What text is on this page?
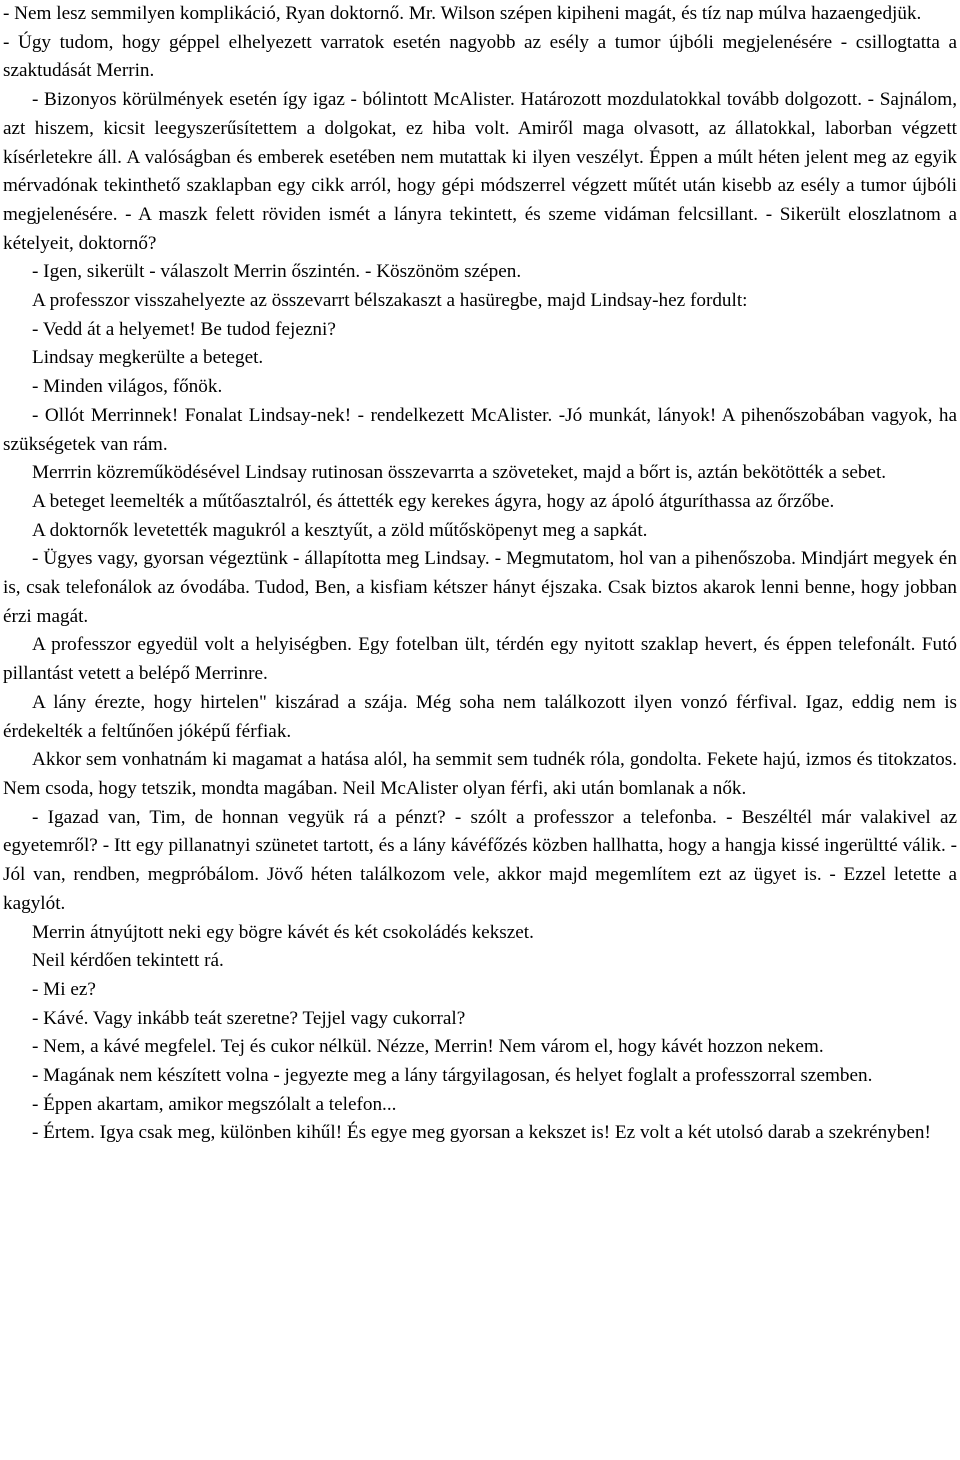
- Nem lesz semmilyen komplikáció, Ryan doktornő. Mr. Wilson szépen kipiheni magát, és tíz nap múlva hazaengedjük.

- Úgy tudom, hogy géppel elhelyezett varratok esetén nagyobb az esély a tumor újbóli megjelenésére - csillogtatta a szaktudását Merrin.

- Bizonyos körülmények esetén így igaz - bólintott McAlister. Határozott mozdulatokkal tovább dolgozott. - Sajnálom, azt hiszem, kicsit leegyszerűsítettem a dolgokat, ez hiba volt. Amiről maga olvasott, az állatokkal, laborban végzett kísérletekre áll. A valóságban és emberek esetében nem mutattak ki ilyen veszélyt. Éppen a múlt héten jelent meg az egyik mérvadónak tekinthető szaklapban egy cikk arról, hogy gépi módszerrel végzett műtét után kisebb az esély a tumor újbóli megjelenésére. - A maszk felett röviden ismét a lányra tekintett, és szeme vidáman felcsillant. - Sikerült eloszlatnom a kételyeit, doktornő?

- Igen, sikerült - válaszolt Merrin őszintén. - Köszönöm szépen.

A professzor visszahelyezte az összevarrt bélszakaszt a hasüregbe, majd Lindsay-hez fordult:

- Vedd át a helyemet! Be tudod fejezni?

Lindsay megkerülte a beteget.

- Minden világos, főnök.

- Ollót Merrinnek! Fonalat Lindsay-nek! - rendelkezett McAlister. -Jó munkát, lányok! A pihenőszobában vagyok, ha szükségetek van rám.

Merrrin közreműködésével Lindsay rutinosan összevarrta a szöveteket, majd a bőrt is, aztán bekötötték a sebet.

A beteget leemelték a műtőasztalról, és áttették egy kerekes ágyra, hogy az ápoló átguríthassa az őrzőbe.

A doktornők levetették magukról a kesztyűt, a zöld műtősköpenyt meg a sapkát.

- Ügyes vagy, gyorsan végeztünk - állapította meg Lindsay. - Megmutatom, hol van a pihenőszoba. Mindjárt megyek én is, csak telefonálok az óvodába. Tudod, Ben, a kisfiam kétszer hányt éjszaka. Csak biztos akarok lenni benne, hogy jobban érzi magát.

A professzor egyedül volt a helyiségben. Egy fotelban ült, térdén egy nyitott szaklap hevert, és éppen telefonált. Futó pillantást vetett a belépő Merrinre.

A lány érezte, hogy hirtelen" kiszárad a szája. Még soha nem találkozott ilyen vonzó férfival. Igaz, eddig nem is érdekelték a feltűnően jóképű férfiak.

Akkor sem vonhatnám ki magamat a hatása alól, ha semmit sem tudnék róla, gondolta. Fekete hajú, izmos és titokzatos. Nem csoda, hogy tetszik, mondta magában. Neil McAlister olyan férfi, aki után bomlanak a nők.

- Igazad van, Tim, de honnan vegyük rá a pénzt? - szólt a professzor a telefonba. - Beszéltél már valakivel az egyetemről? - Itt egy pillanatnyi szünetet tartott, és a lány kávéfőzés közben hallhatta, hogy a hangja kissé ingerültté válik. - Jól van, rendben, megpróbálom. Jövő héten találkozom vele, akkor majd megemlítem ezt az ügyet is. - Ezzel letette a kagylót.

Merrin átnyújtott neki egy bögre kávét és két csokoládés kekszet.

Neil kérdően tekintett rá.

- Mi ez?

- Kávé. Vagy inkább teát szeretne? Tejjel vagy cukorral?

- Nem, a kávé megfelel. Tej és cukor nélkül. Nézze, Merrin! Nem várom el, hogy kávét hozzon nekem.

- Magának nem készített volna - jegyezte meg a lány tárgyilagosan, és helyet foglalt a professzorral szemben.

- Éppen akartam, amikor megszólalt a telefon...

- Értem. Igya csak meg, különben kihűl! És egye meg gyorsan a kekszet is! Ez volt a két utolsó darab a szekrényben!
